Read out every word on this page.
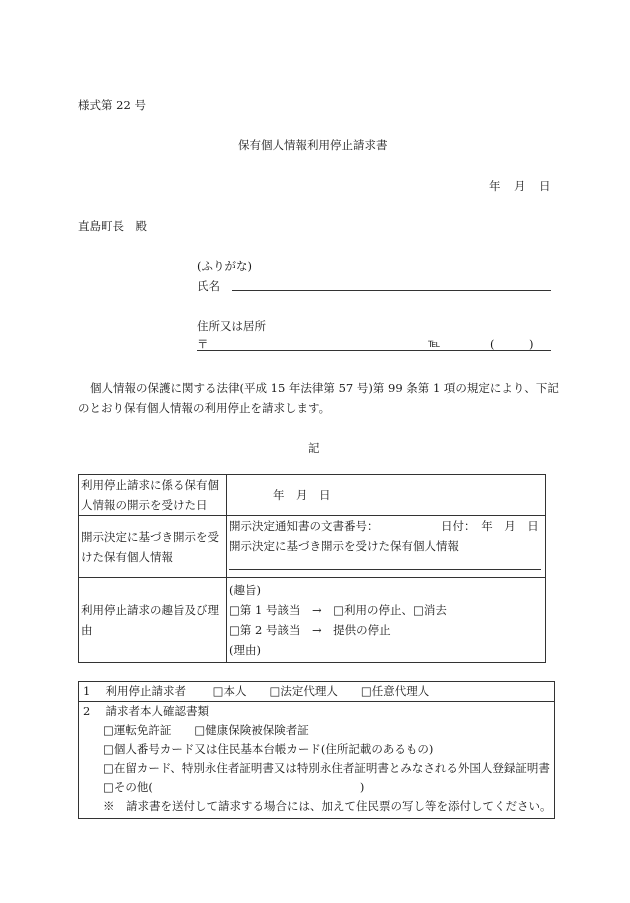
様式第 22 号
保有個人情報利用停止請求書
年　月　日
直島町長　殿
(ふりがな)
氏名
住所又は居所
〒	℡	(　　　)
個人情報の保護に関する法律(平成 15 年法律第 57 号)第 99 条第 1 項の規定により、下記
のとおり保有個人情報の利用停止を請求します。
記
利用停止請求に係る保有個
人情報の開示を受けた日	年　月　日

開示決定に基づき開示を受
けた保有個人情報	開示決定通知書の文書番号： 日付：　年　月　日
開示決定に基づき開示を受けた保有個人情報

利用停止請求の趣旨及び理
由	(趣旨)
□第 1 号該当　→　□利用の停止、□消去
□第 2 号該当　→　提供の停止
(理由)
1　 利用停止請求者　　 □本人　　□法定代理人　　□任意代理人

2　 請求者本人確認書類
□運転免許証　　□健康保険被保険者証
□個人番号カード又は住民基本台帳カード(住所記載のあるもの)
□在留カード、特別永住者証明書又は特別永住者証明書とみなされる外国人登録証明書
□その他(　　　　　　　　　　　　　　　　　　)
※　請求書を送付して請求する場合には、加えて住民票の写し等を添付してください。
